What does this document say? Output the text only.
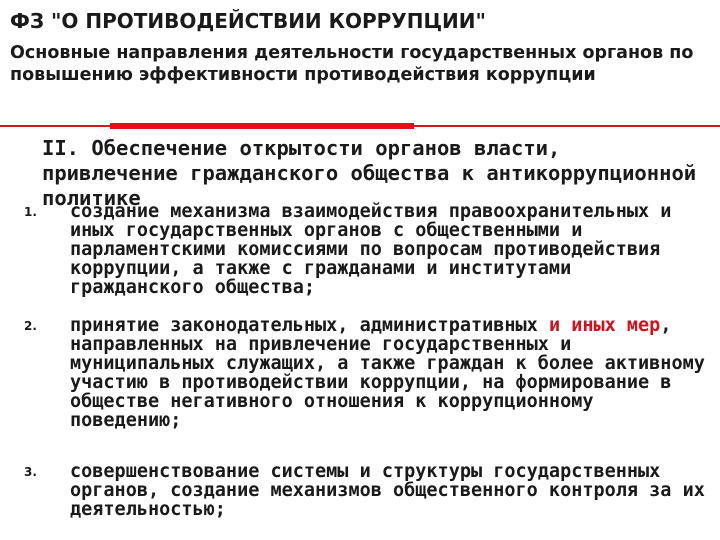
ФЗ "О ПРОТИВОДЕЙСТВИИ КОРРУПЦИИ"
Основные направления деятельности государственных органов по повышению эффективности противодействия коррупции
II. Обеспечение открытости органов власти, привлечение гражданского общества к антикоррупционной политике
1. создание механизма взаимодействия правоохранительных и иных государственных органов с общественными и парламентскими комиссиями по вопросам противодействия коррупции, а также с гражданами и институтами гражданского общества;
2. принятие законодательных, административных и иных мер, направленных на привлечение государственных и муниципальных служащих, а также граждан к более активному участию в противодействии коррупции, на формирование в обществе негативного отношения к коррупционному поведению;
3. совершенствование системы и структуры государственных органов, создание механизмов общественного контроля за их деятельностью;
